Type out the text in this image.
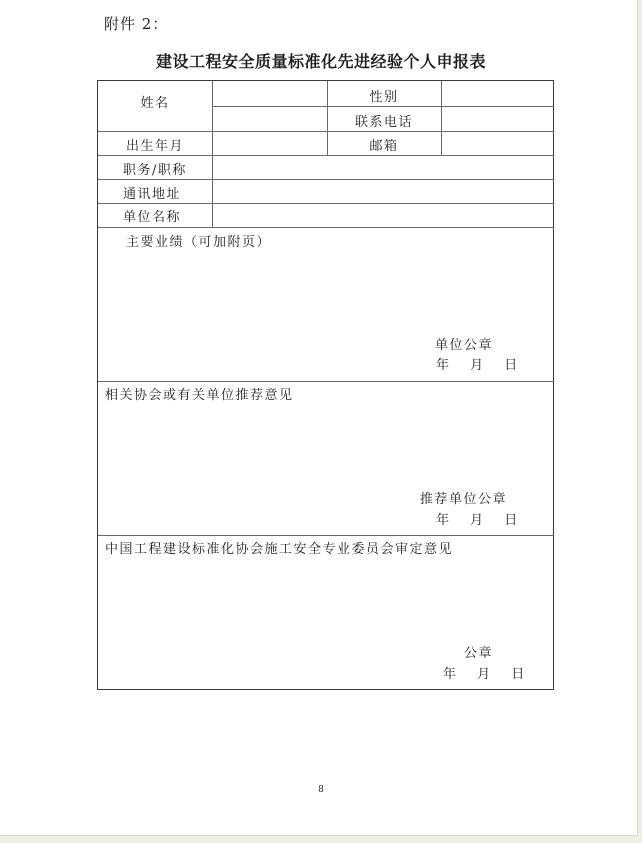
附件 2：
建设工程安全质量标准化先进经验个人申报表
姓名	性别
联系电话
出生年月	邮箱
职务/职称
通讯地址
单位名称
主要业绩（可加附页）
单位公章
年 月 日
相关协会或有关单位推荐意见
推荐单位公章
年 月 日
中国工程建设标准化协会施工安全专业委员会审定意见
公章
年 月 日
8
